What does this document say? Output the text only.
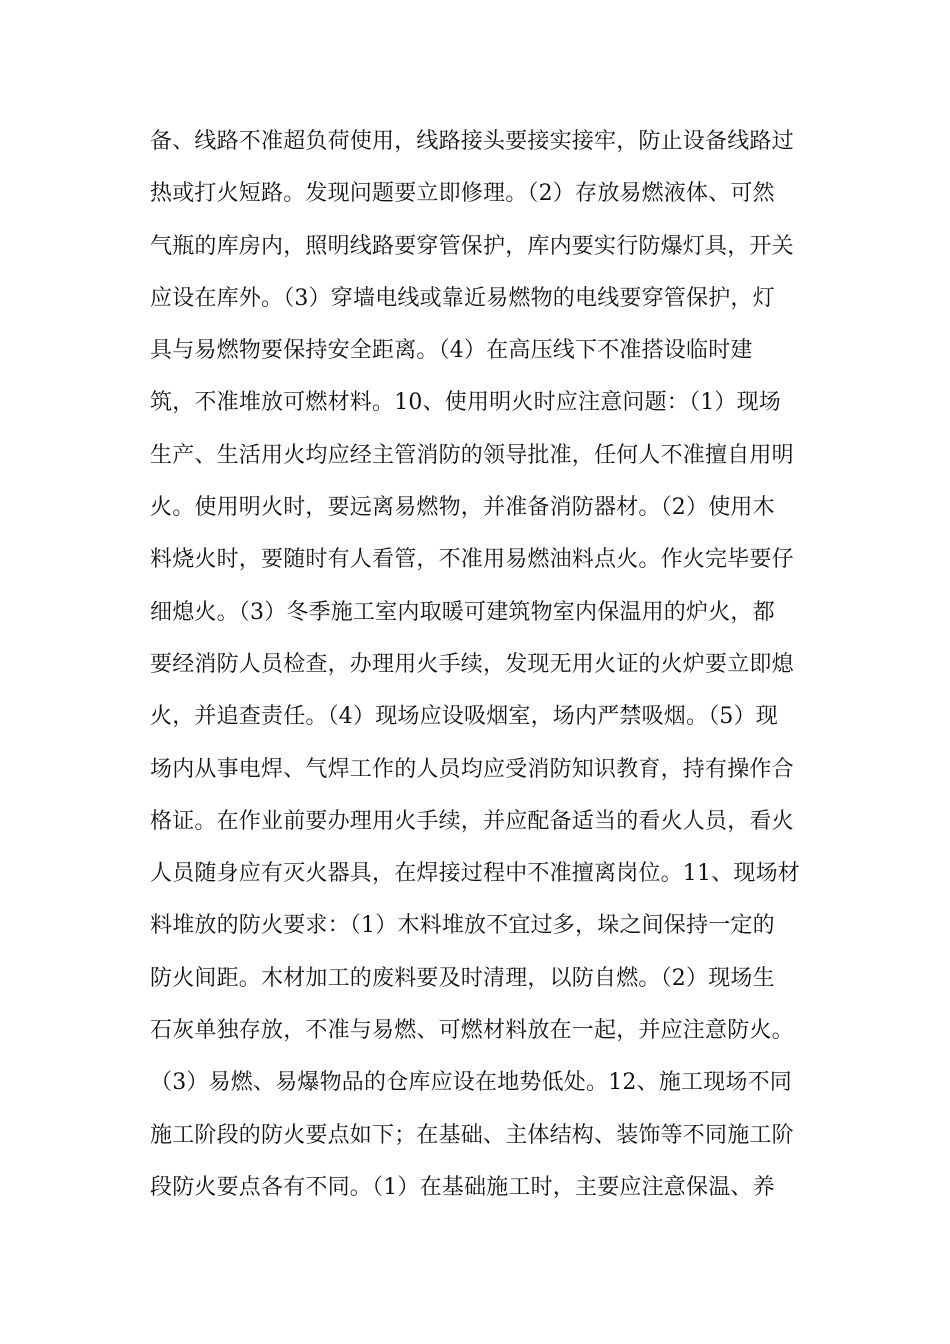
备、线路不准超负荷使用，线路接头要接实接牢，防止设备线路过
热或打火短路。发现问题要立即修理。（2）存放易燃液体、可然
气瓶的库房内，照明线路要穿管保护，库内要实行防爆灯具，开关
应设在库外。（3）穿墙电线或靠近易燃物的电线要穿管保护，灯
具与易燃物要保持安全距离。（4）在高压线下不准搭设临时建
筑，不准堆放可燃材料。10、使用明火时应注意问题：（1）现场
生产、生活用火均应经主管消防的领导批准，任何人不准擅自用明
火。使用明火时，要远离易燃物，并准备消防器材。（2）使用木
料烧火时，要随时有人看管，不准用易燃油料点火。作火完毕要仔
细熄火。（3）冬季施工室内取暖可建筑物室内保温用的炉火，都
要经消防人员检查，办理用火手续，发现无用火证的火炉要立即熄
火，并追查责任。（4）现场应设吸烟室，场内严禁吸烟。（5）现
场内从事电焊、气焊工作的人员均应受消防知识教育，持有操作合
格证。在作业前要办理用火手续，并应配备适当的看火人员，看火
人员随身应有灭火器具，在焊接过程中不准擅离岗位。11、现场材
料堆放的防火要求：（1）木料堆放不宜过多，垛之间保持一定的
防火间距。木材加工的废料要及时清理，以防自燃。（2）现场生
石灰单独存放，不准与易燃、可燃材料放在一起，并应注意防火。
（3）易燃、易爆物品的仓库应设在地势低处。12、施工现场不同
施工阶段的防火要点如下；在基础、主体结构、装饰等不同施工阶
段防火要点各有不同。（1）在基础施工时，主要应注意保温、养
